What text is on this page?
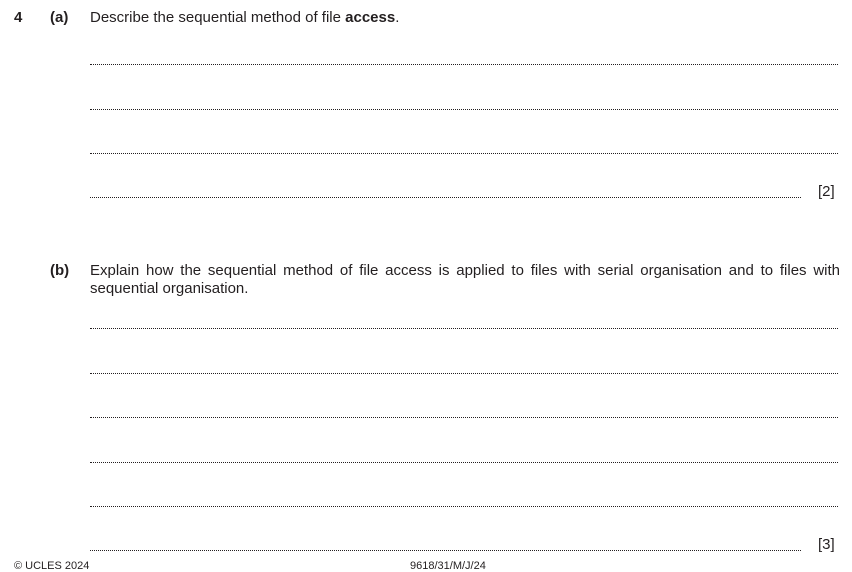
4 (a) Describe the sequential method of file access.
[2]
(b) Explain how the sequential method of file access is applied to files with serial organisation and to files with sequential organisation.
[3]
© UCLES 2024	9618/31/M/J/24
